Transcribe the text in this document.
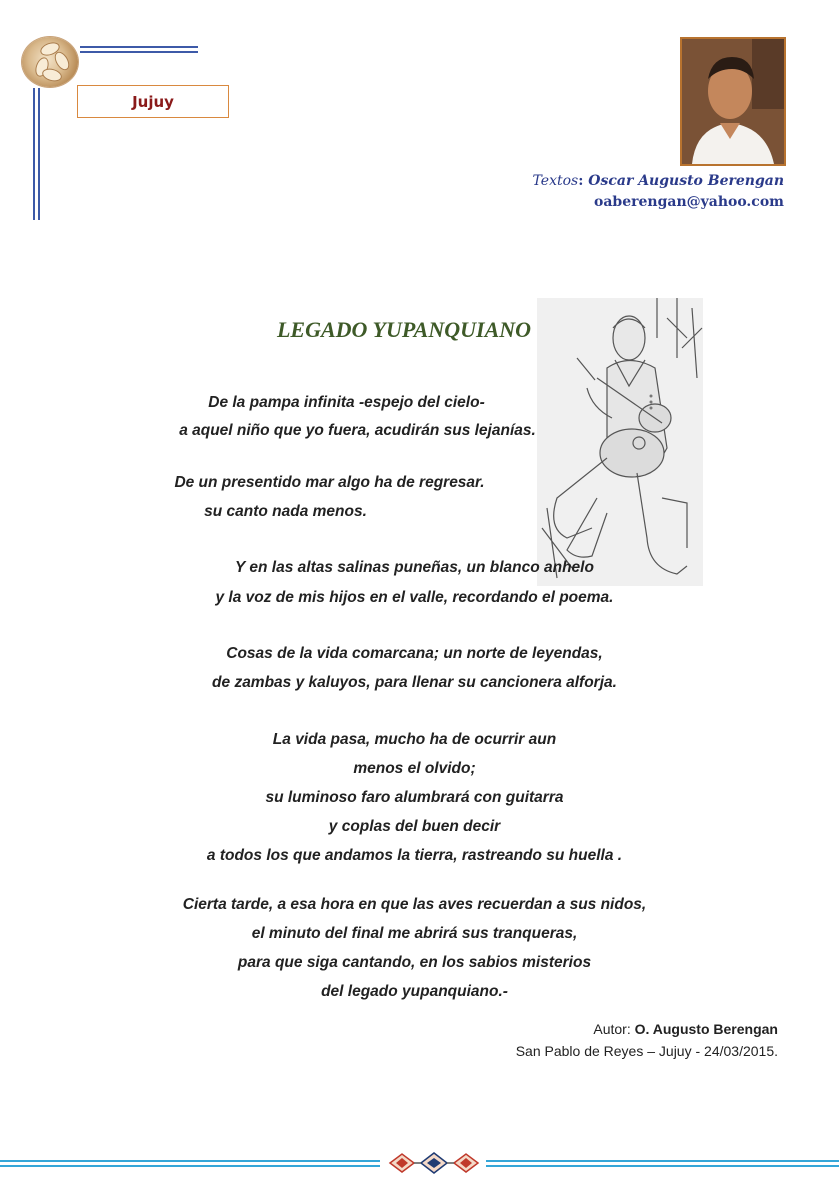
Jujuy
Textos: Oscar Augusto Berengan
oaberengan@yahoo.com
LEGADO YUPANQUIANO
De la pampa infinita -espejo del cielo-
a aquel niño que yo fuera, acudirán sus lejanías.
De un presentido mar algo ha de regresar.
su canto nada menos.
Y en las altas salinas puneñas, un blanco anhelo
y la voz de mis hijos en el valle, recordando el poema.
Cosas de la vida comarcana; un norte de leyendas,
de zambas y kaluyos, para llenar su cancionera alforja.
La vida pasa, mucho ha de ocurrir aun
menos el olvido;
su luminoso faro alumbrará con guitarra
y coplas del buen decir
a todos los que andamos la tierra, rastreando su huella .
Cierta tarde, a esa hora en que las aves recuerdan a sus nidos,
el minuto del final me abrirá sus tranqueras,
para que siga cantando, en los sabios misterios
del legado yupanquiano.-
Autor: O. Augusto Berengan
San Pablo de Reyes – Jujuy - 24/03/2015.
